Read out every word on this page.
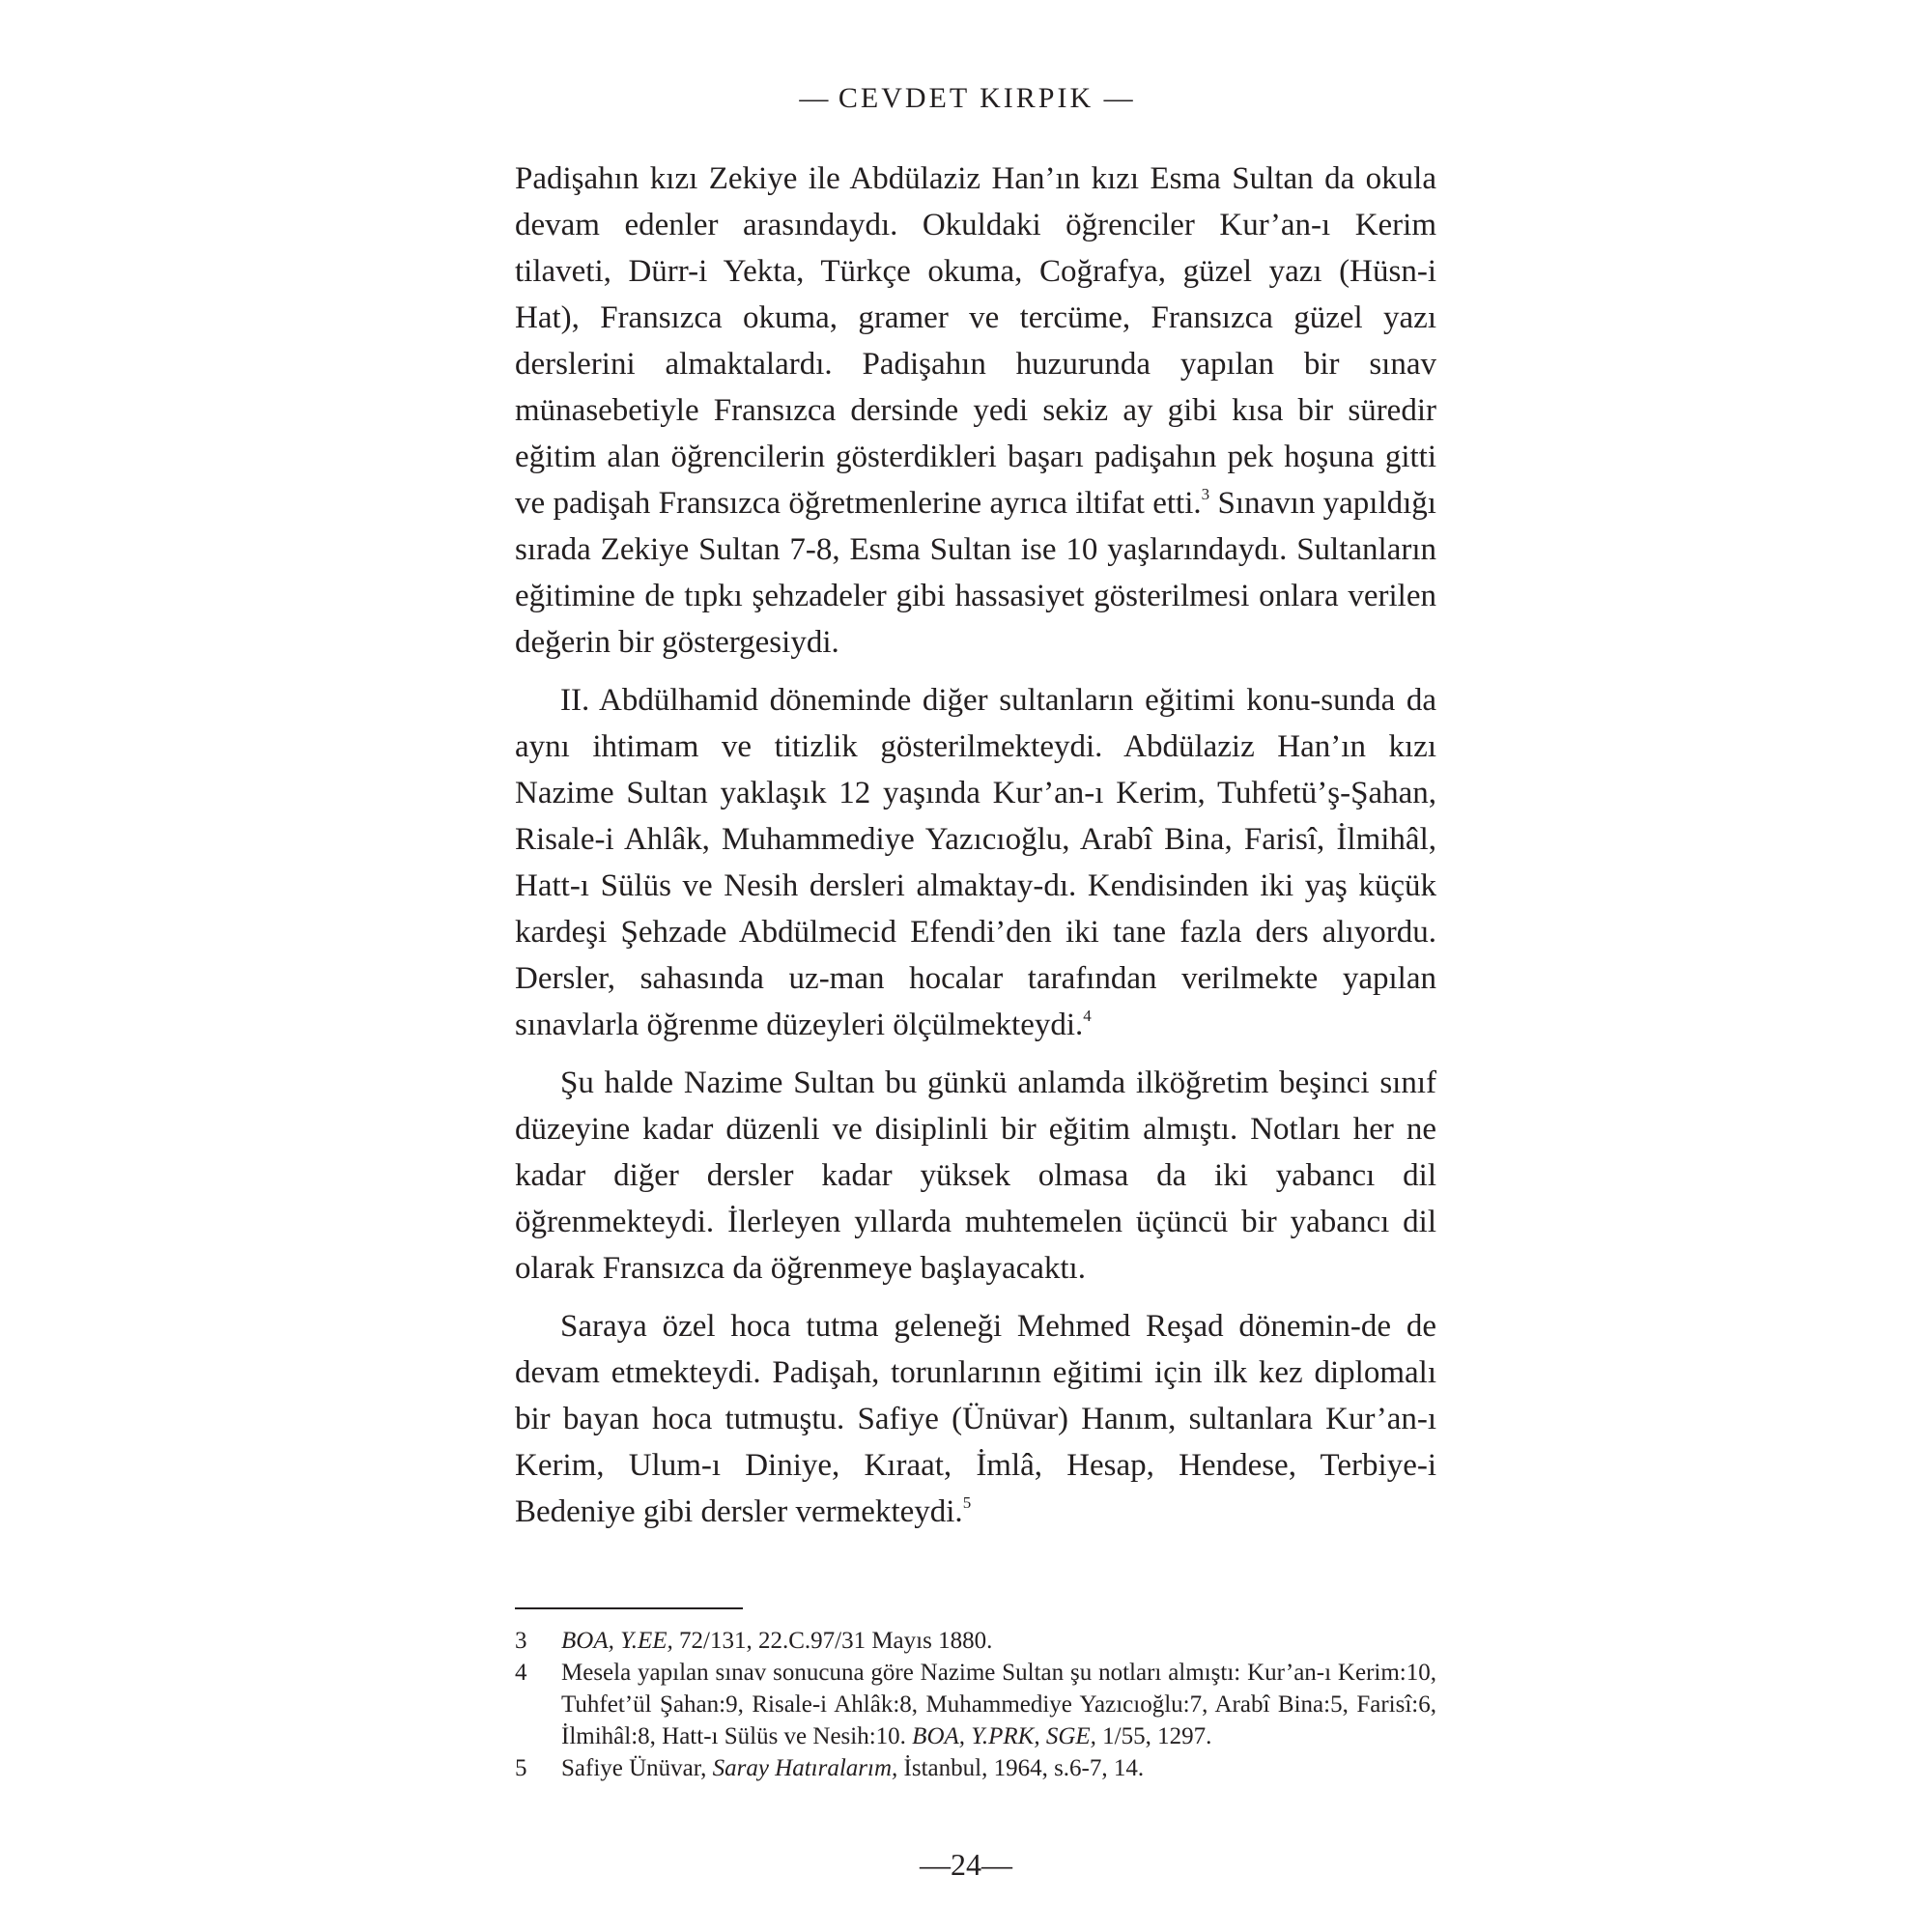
— CEVDET KIRPIK —

Padişahın kızı Zekiye ile Abdülaziz Han’ın kızı Esma Sultan da okula devam edenler arasındaydı. Okuldaki öğrenciler Kur’an-ı Kerim tilaveti, Dürr-i Yekta, Türkçe okuma, Coğrafya, güzel yazı (Hüsn-i Hat), Fransızca okuma, gramer ve tercüme, Fransızca güzel yazı derslerini almaktalardı. Padişahın huzurunda yapılan bir sınav münasebetiyle Fransızca dersinde yedi sekiz ay gibi kısa bir süredir eğitim alan öğrencilerin gösterdikleri başarı padişahın pek hoşuna gitti ve padişah Fransızca öğretmenlerine ayrıca iltifat etti.$^3$ Sınavın yapıldığı sırada Zekiye Sultan 7-8, Esma Sultan ise 10 yaşlarındaydı. Sultanların eğitimine de tıpkı şehzadeler gibi hassasiyet gösterilmesi onlara verilen değerin bir göstergesiydi.

II. Abdülhamid döneminde diğer sultanların eğitimi konu-sunda da aynı ihtimam ve titizlik gösterilmekteydi. Abdülaziz Han’ın kızı Nazime Sultan yaklaşık 12 yaşında Kur’an-ı Kerim, Tuhfetü’ş-Şahan, Risale-i Ahlâk, Muhammediye Yazıcıoğlu, Arabî Bina, Farisî, İlmihâl, Hatt-ı Sülüs ve Nesih dersleri almaktay-dı. Kendisinden iki yaş küçük kardeşi Şehzade Abdülmecid Efendi’den iki tane fazla ders alıyordu. Dersler, sahasında uz-man hocalar tarafından verilmekte yapılan sınavlarla öğrenme düzeyleri ölçülmekteydi.$^4$

Şu halde Nazime Sultan bu günkü anlamda ilköğretim beşinci sınıf düzeyine kadar düzenli ve disiplinli bir eğitim almıştı. Notları her ne kadar diğer dersler kadar yüksek olmasa da iki yabancı dil öğrenmekteydi. İlerleyen yıllarda muhtemelen üçüncü bir yabancı dil olarak Fransızca da öğrenmeye başlayacaktı.

Saraya özel hoca tutma geleneği Mehmed Reşad dönemin-de de devam etmekteydi. Padişah, torunlarının eğitimi için ilk kez diplomalı bir bayan hoca tutmuştu. Safiye (Ünüvar) Hanım, sultanlara Kur’an-ı Kerim, Ulum-ı Diniye, Kıraat, İmlâ, Hesap, Hendese, Terbiye-i Bedeniye gibi dersler vermekteydi.$^5$

3	BOA, Y.EE, 72/131, 22.C.97/31 Mayıs 1880.
4	Mesela yapılan sınav sonucuna göre Nazime Sultan şu notları almıştı: Kur’an-ı Kerim:10, Tuhfet’ül Şahan:9, Risale-i Ahlâk:8, Muhammediye Yazıcıoğlu:7, Arabî Bina:5, Farisî:6, İlmihâl:8, Hatt-ı Sülüs ve Nesih:10. BOA, Y.PRK, SGE, 1/55, 1297.
5	Safiye Ünüvar, Saray Hatıralarım, İstanbul, 1964, s.6-7, 14.
—24—
